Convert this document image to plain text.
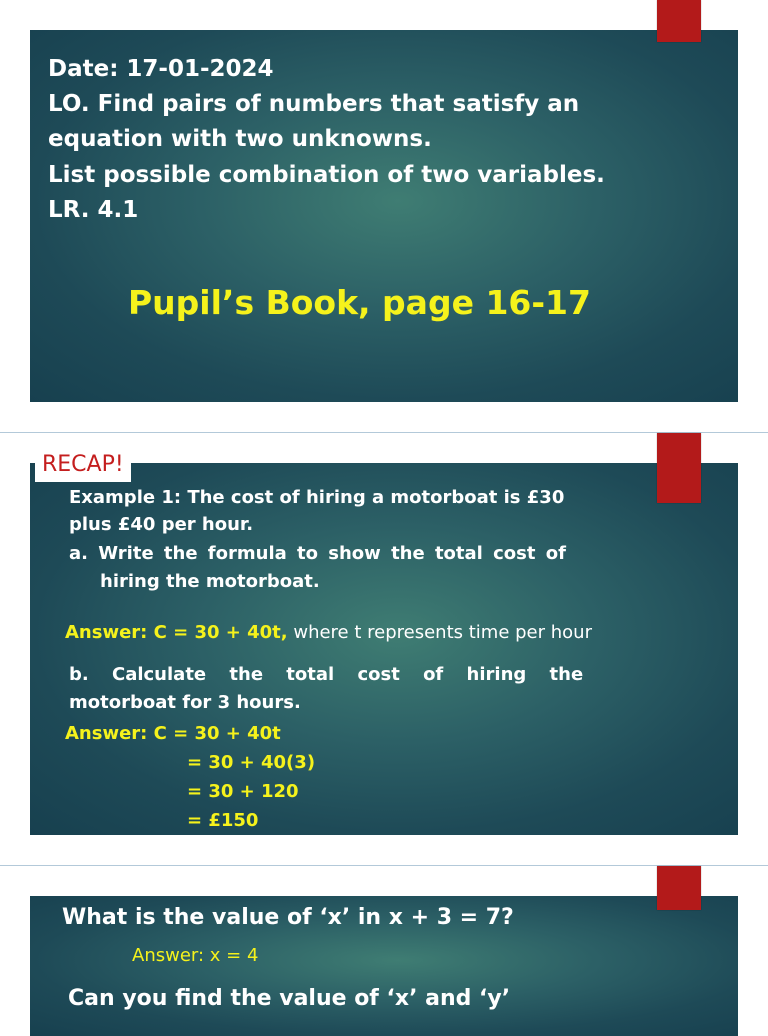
Date: 17-01-2024
LO. Find pairs of numbers that satisfy an
equation with two unknowns.
List possible combination of two variables.
LR. 4.1
Pupil’s Book, page 16-17
Example 1: The cost of hiring a motorboat is £30
plus £40 per hour.
a. Write the formula to show the total cost of
hiring the motorboat.
Answer: C = 30 + 40t, where t represents time per hour
b. Calculate the total cost of hiring the
motorboat for 3 hours.
Answer: C = 30 + 40t
= 30 + 40(3)
= 30 + 120
= £150
RECAP!
What is the value of ‘x’ in x + 3 = 7?
Answer: x = 4
Can you find the value of ‘x’ and ‘y’
